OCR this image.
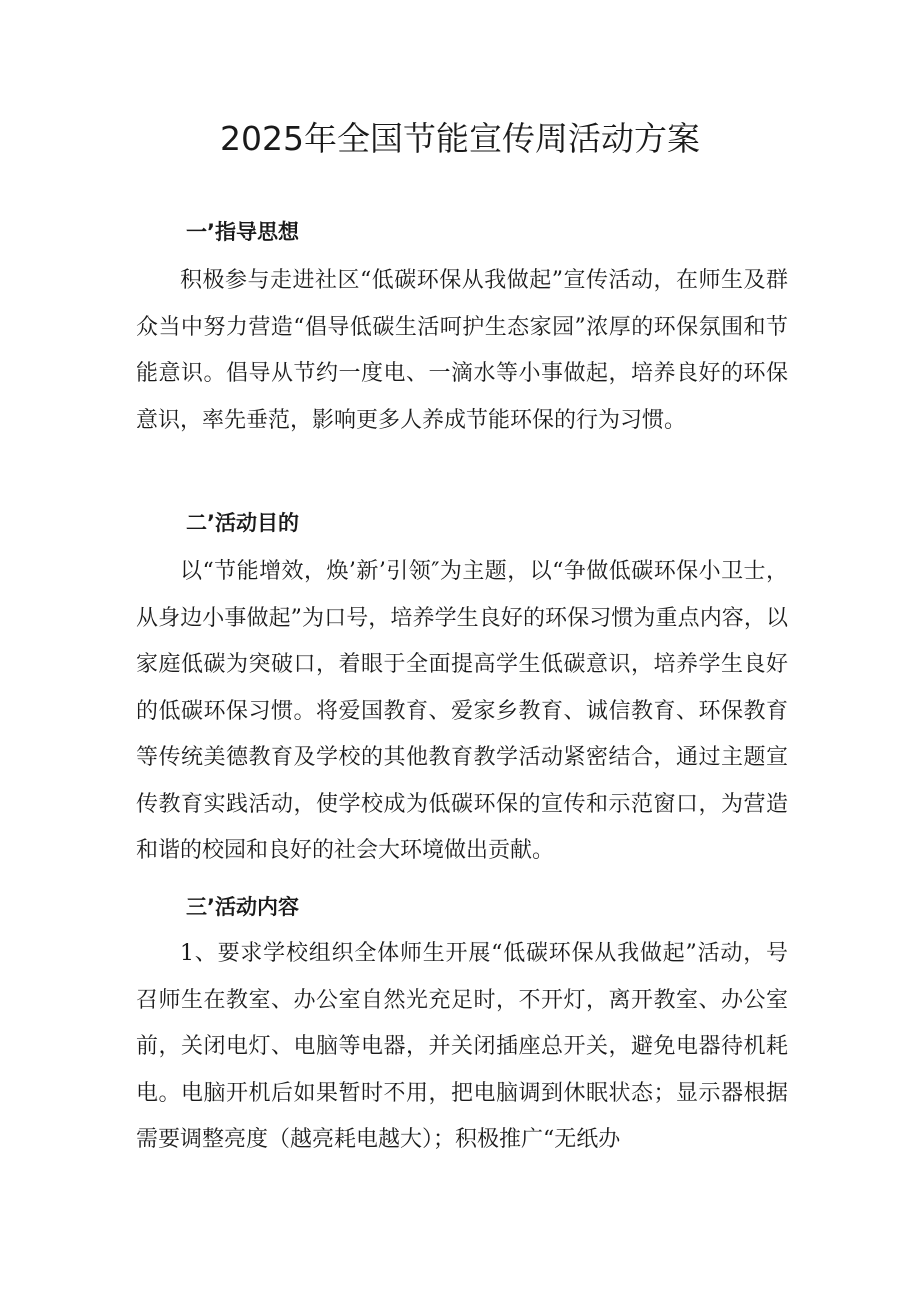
2025年全国节能宣传周活动方案
一’指导思想

积极参与走进社区“低碳环保从我做起”宣传活动，在师生及群众当中努力营造“倡导低碳生活呵护生态家园”浓厚的环保氛围和节能意识。倡导从节约一度电、一滴水等小事做起，培养良好的环保意识，率先垂范，影响更多人养成节能环保的行为习惯。

二’活动目的

以“节能增效，焕’新’引领″为主题，以“争做低碳环保小卫士，从身边小事做起”为口号，培养学生良好的环保习惯为重点内容，以家庭低碳为突破口，着眼于全面提高学生低碳意识，培养学生良好的低碳环保习惯。将爱国教育、爱家乡教育、诚信教育、环保教育等传统美德教育及学校的其他教育教学活动紧密结合，通过主题宣传教育实践活动，使学校成为低碳环保的宣传和示范窗口，为营造和谐的校园和良好的社会大环境做出贡献。

三’活动内容

1、要求学校组织全体师生开展“低碳环保从我做起”活动，号召师生在教室、办公室自然光充足时，不开灯，离开教室、办公室前，关闭电灯、电脑等电器，并关闭插座总开关，避免电器待机耗电。电脑开机后如果暂时不用，把电脑调到休眠状态；显示器根据需要调整亮度（越亮耗电越大）；积极推广“无纸办
